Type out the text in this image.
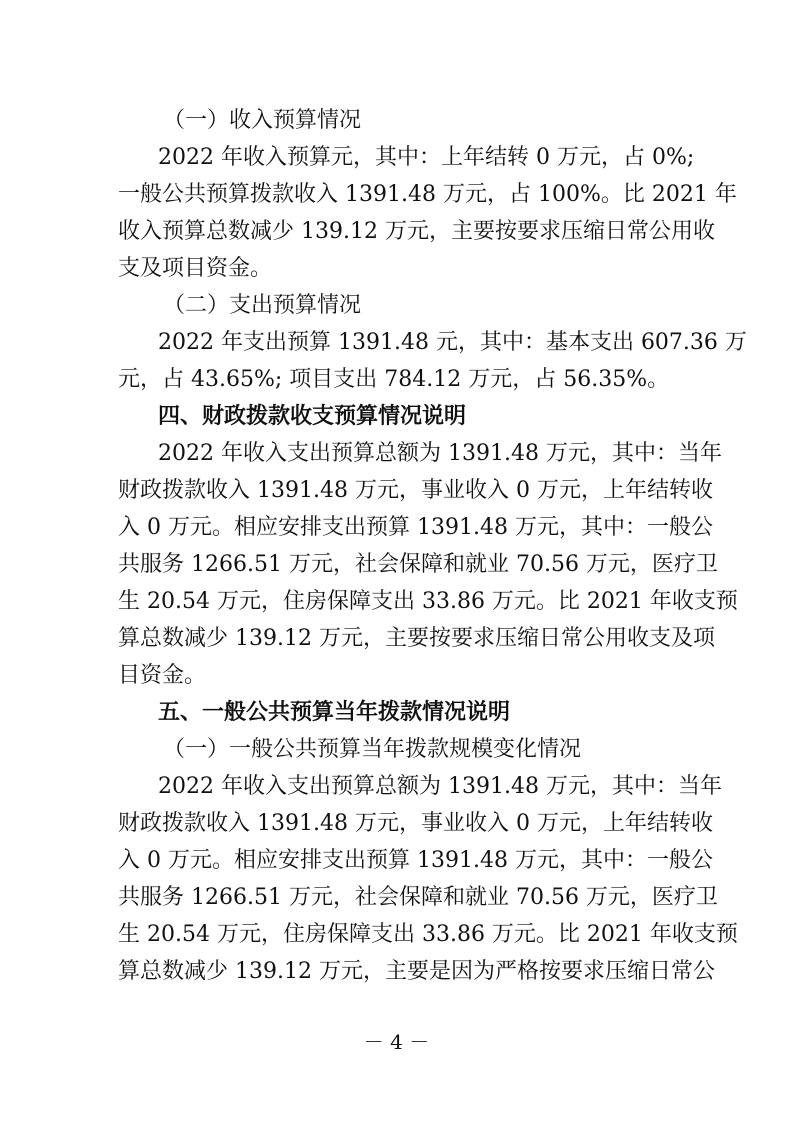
（一）收入预算情况
2022 年收入预算元，其中：上年结转 0 万元，占 0%;
一般公共预算拨款收入 1391.48 万元，占 100%。比 2021 年
收入预算总数减少 139.12 万元，主要按要求压缩日常公用收
支及项目资金。
（二）支出预算情况
2022 年支出预算 1391.48 元，其中：基本支出 607.36 万
元，占 43.65%; 项目支出 784.12 万元，占 56.35%。
四、财政拨款收支预算情况说明
2022 年收入支出预算总额为 1391.48 万元，其中：当年
财政拨款收入 1391.48 万元，事业收入 0 万元，上年结转收
入 0 万元。相应安排支出预算 1391.48 万元，其中：一般公
共服务 1266.51 万元，社会保障和就业 70.56 万元，医疗卫
生 20.54 万元，住房保障支出 33.86 万元。比 2021 年收支预
算总数减少 139.12 万元，主要按要求压缩日常公用收支及项
目资金。
五、一般公共预算当年拨款情况说明
（一）一般公共预算当年拨款规模变化情况
2022 年收入支出预算总额为 1391.48 万元，其中：当年
财政拨款收入 1391.48 万元，事业收入 0 万元，上年结转收
入 0 万元。相应安排支出预算 1391.48 万元，其中：一般公
共服务 1266.51 万元，社会保障和就业 70.56 万元，医疗卫
生 20.54 万元，住房保障支出 33.86 万元。比 2021 年收支预
算总数减少 139.12 万元，主要是因为严格按要求压缩日常公
－ 4 －
